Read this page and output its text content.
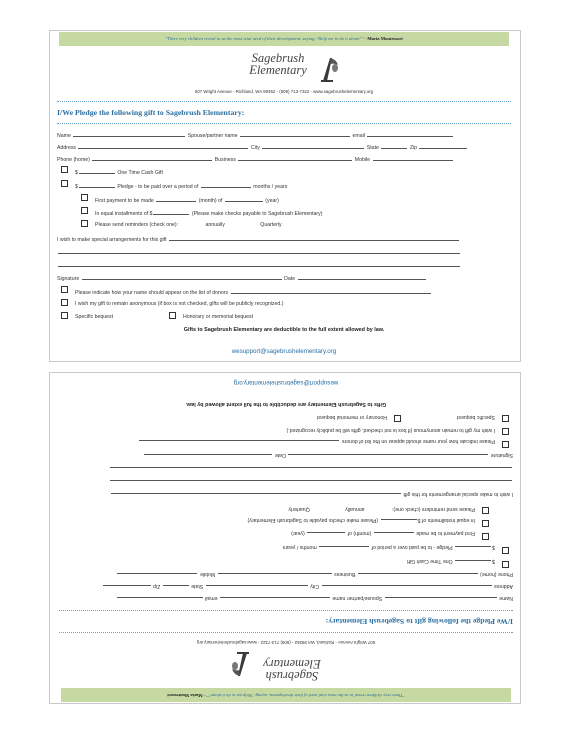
"There very children reveal to us the most vital need of their development, saying: 'Help me to do it alone!'" - Maria Montessori
Sagebrush
Elementary
507 Wright Avenue - Richland, WA 99352 - (509) 713-7322 - www.sagebrushelementary.org
I/We Pledge the following gift to Sagebrush Elementary:
Name	Spouse/partner name	email
Address	City	State	Zip
Phone (home)	Business	Mobile
$	One Time Cash Gift
$	Pledge - to be paid over a period of	months / years
First payment to be made	(month) of	(year)
In equal installments of $	(Please make checks payable to Sagebrush Elementary)
Please send reminders (check one):	annually	Quarterly
I wish to make special arrangements for this gift
Signature	Date
Please indicate how your name should appear on the list of donors
I wish my gift to remain anonymous (if box is not checked, gifts will be publicly recognized.)
Specific bequest	Honorary or memorial bequest
Gifts to Sagebrush Elementary are deductible to the full extent allowed by law.
wesupport@sagebrushelementary.org
"There very children reveal to us the most vital need of their development, saying: 'Help me to do it alone!'" - Maria Montessori
Sagebrush
Elementary
507 Wright Avenue - Richland, WA 99352 - (509) 713-7322 - www.sagebrushelementary.org
I/We Pledge the following gift to Sagebrush Elementary:
Name  Spouse/partner name  email
Address  City  State  Zip
Phone (home)  Business  Mobile
$ One Time Cash Gift
$ Pledge - to be paid over a period of  months / years
First payment to be made  (month) of  (year)
In equal installments of $ (Please make checks payable to Sagebrush Elementary)
Please send reminders (check one): annually Quarterly
I wish to make special arrangements for this gift
Signature  Date
Please indicate how your name should appear on the list of donors
I wish my gift to remain anonymous (if box is not checked, gifts will be publicly recognized.)
Specific bequest
Honorary or memorial bequest
Gifts to Sagebrush Elementary are deductible to the full extent allowed by law.
wesupport@sagebrushelementary.org
